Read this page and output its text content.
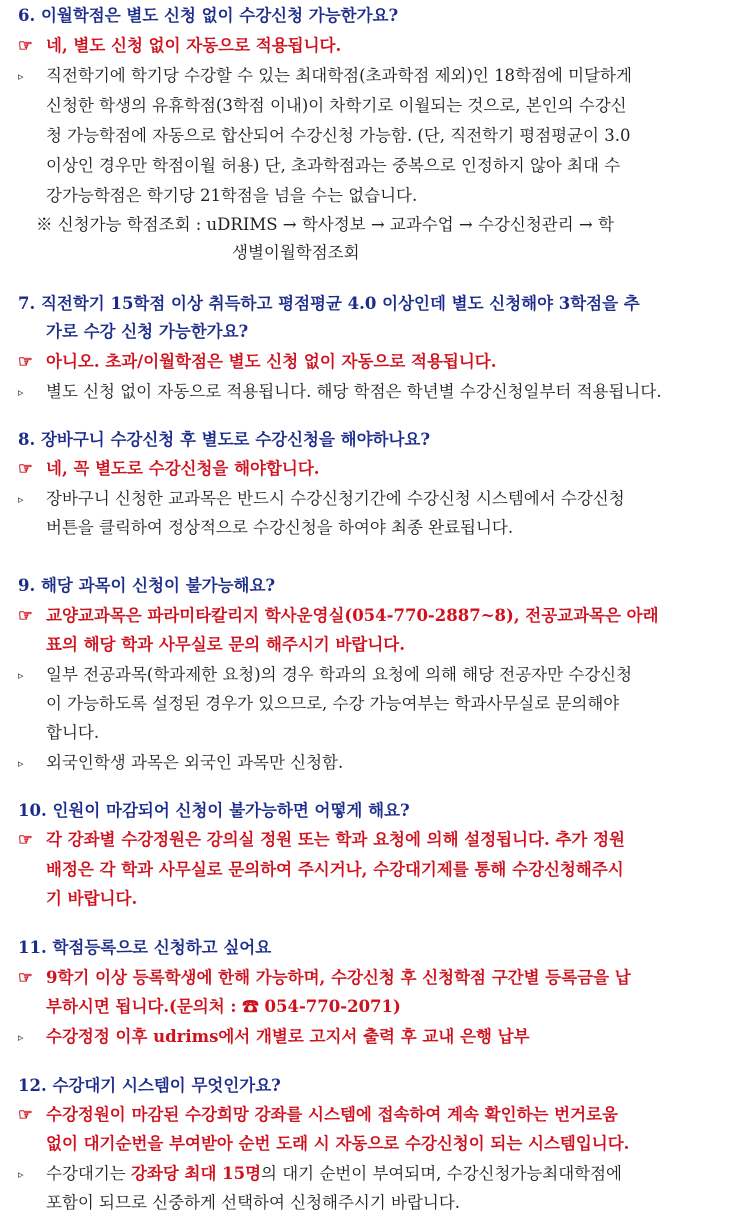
6. 이월학점은 별도 신청 없이 수강신청 가능한가요?
☞ 네, 별도 신청 없이 자동으로 적용됩니다.
▹ 직전학기에 학기당 수강할 수 있는 최대학점(초과학점 제외)인 18학점에 미달하게
신청한 학생의 유휴학점(3학점 이내)이 차학기로 이월되는 것으로, 본인의 수강신
청 가능학점에 자동으로 합산되어 수강신청 가능함. (단, 직전학기 평점평균이 3.0
이상인 경우만 학점이월 허용) 단, 초과학점과는 중복으로 인정하지 않아 최대 수
강가능학점은 학기당 21학점을 넘을 수는 없습니다.
※ 신청가능 학점조회 : uDRIMS → 학사정보 → 교과수업 → 수강신청관리 → 학
생별이월학점조회
7. 직전학기 15학점 이상 취득하고 평점평균 4.0 이상인데 별도 신청해야 3학점을 추
가로 수강 신청 가능한가요?
☞ 아니오. 초과/이월학점은 별도 신청 없이 자동으로 적용됩니다.
▹ 별도 신청 없이 자동으로 적용됩니다. 해당 학점은 학년별 수강신청일부터 적용됩니다.
8. 장바구니 수강신청 후 별도로 수강신청을 해야하나요?
☞ 네, 꼭 별도로 수강신청을 해야합니다.
▹ 장바구니 신청한 교과목은 반드시 수강신청기간에 수강신청 시스템에서 수강신청
버튼을 클릭하여 정상적으로 수강신청을 하여야 최종 완료됩니다.
9. 해당 과목이 신청이 불가능해요?
☞ 교양교과목은 파라미타칼리지 학사운영실(054-770-2887~8), 전공교과목은 아래
표의 해당 학과 사무실로 문의 해주시기 바랍니다.
▹ 일부 전공과목(학과제한 요청)의 경우 학과의 요청에 의해 해당 전공자만 수강신청
이 가능하도록 설정된 경우가 있으므로, 수강 가능여부는 학과사무실로 문의해야
합니다.
▹ 외국인학생 과목은 외국인 과목만 신청함.
10. 인원이 마감되어 신청이 불가능하면 어떻게 해요?
☞ 각 강좌별 수강정원은 강의실 정원 또는 학과 요청에 의해 설정됩니다. 추가 정원
배정은 각 학과 사무실로 문의하여 주시거나, 수강대기제를 통해 수강신청해주시
기 바랍니다.
11. 학점등록으로 신청하고 싶어요
☞ 9학기 이상 등록학생에 한해 가능하며, 수강신청 후 신청학점 구간별 등록금을 납
부하시면 됩니다.(문의처 : ☎ 054-770-2071)
▹ 수강정정 이후 udrims에서 개별로 고지서 출력 후 교내 은행 납부
12. 수강대기 시스템이 무엇인가요?
☞ 수강정원이 마감된 수강희망 강좌를 시스템에 접속하여 계속 확인하는 번거로움
없이 대기순번을 부여받아 순번 도래 시 자동으로 수강신청이 되는 시스템입니다.
▹ 수강대기는 강좌당 최대 15명의 대기 순번이 부여되며, 수강신청가능최대학점에
포함이 되므로 신중하게 선택하여 신청해주시기 바랍니다.
